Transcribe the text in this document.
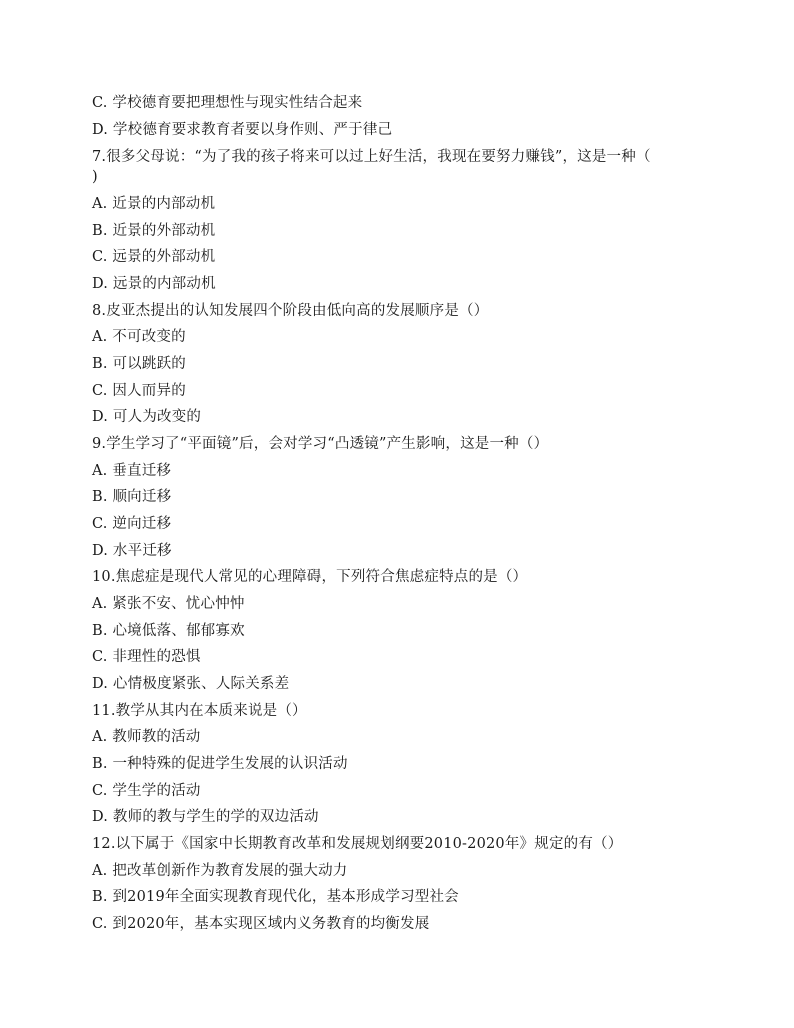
C. 学校德育要把理想性与现实性结合起来
D. 学校德育要求教育者要以身作则、严于律己
7.很多父母说：“为了我的孩子将来可以过上好生活，我现在要努力赚钱”，这是一种（
)
A. 近景的内部动机
B. 近景的外部动机
C. 远景的外部动机
D. 远景的内部动机
8.皮亚杰提出的认知发展四个阶段由低向高的发展顺序是（）
A. 不可改变的
B. 可以跳跃的
C. 因人而异的
D. 可人为改变的
9.学生学习了“平面镜”后，会对学习“凸透镜”产生影响，这是一种（）
A. 垂直迁移
B. 顺向迁移
C. 逆向迁移
D. 水平迁移
10.焦虑症是现代人常见的心理障碍，下列符合焦虑症特点的是（）
A. 紧张不安、忧心忡忡
B. 心境低落、郁郁寡欢
C. 非理性的恐惧
D. 心情极度紧张、人际关系差
11.教学从其内在本质来说是（）
A. 教师教的活动
B. 一种特殊的促进学生发展的认识活动
C. 学生学的活动
D. 教师的教与学生的学的双边活动
12.以下属于《国家中长期教育改革和发展规划纲要2010-2020年》规定的有（）
A. 把改革创新作为教育发展的强大动力
B. 到2019年全面实现教育现代化，基本形成学习型社会
C. 到2020年，基本实现区域内义务教育的均衡发展
